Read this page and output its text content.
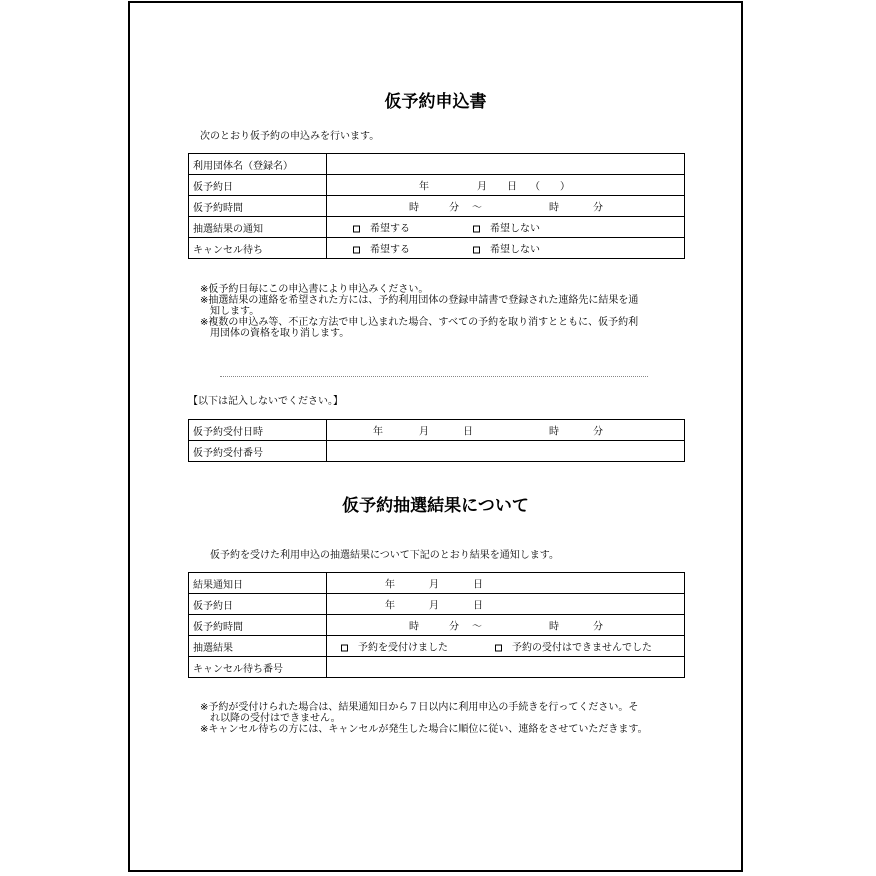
仮予約申込書
次のとおり仮予約の申込みを行います。
利用団体名（登録名）	
仮予約日	年 月 日 （　　）

仮予約時間	時 分 ～ 時 分

抽選結果の通知	希望する 希望しない

キャンセル待ち	希望する 希望しない
※仮予約日毎にこの申込書により申込みください。
※抽選結果の連絡を希望された方には、予約利用団体の登録申請書で登録された連絡先に結果を通
知します。
※複数の申込み等、不正な方法で申し込まれた場合、すべての予約を取り消すとともに、仮予約利
用団体の資格を取り消します。
【以下は記入しないでください。】
仮予約受付日時	年 月 日 時 分

仮予約受付番号	
仮予約抽選結果について
仮予約を受けた利用申込の抽選結果について下記のとおり結果を通知します。
結果通知日	年 月 日

仮予約日	年 月 日

仮予約時間	時 分 ～ 時 分

抽選結果	予約を受付けました 予約の受付はできませんでした

キャンセル待ち番号	
※予約が受付けられた場合は、結果通知日から７日以内に利用申込の手続きを行ってください。そ
れ以降の受付はできません。
※キャンセル待ちの方には、キャンセルが発生した場合に順位に従い、連絡をさせていただきます。
